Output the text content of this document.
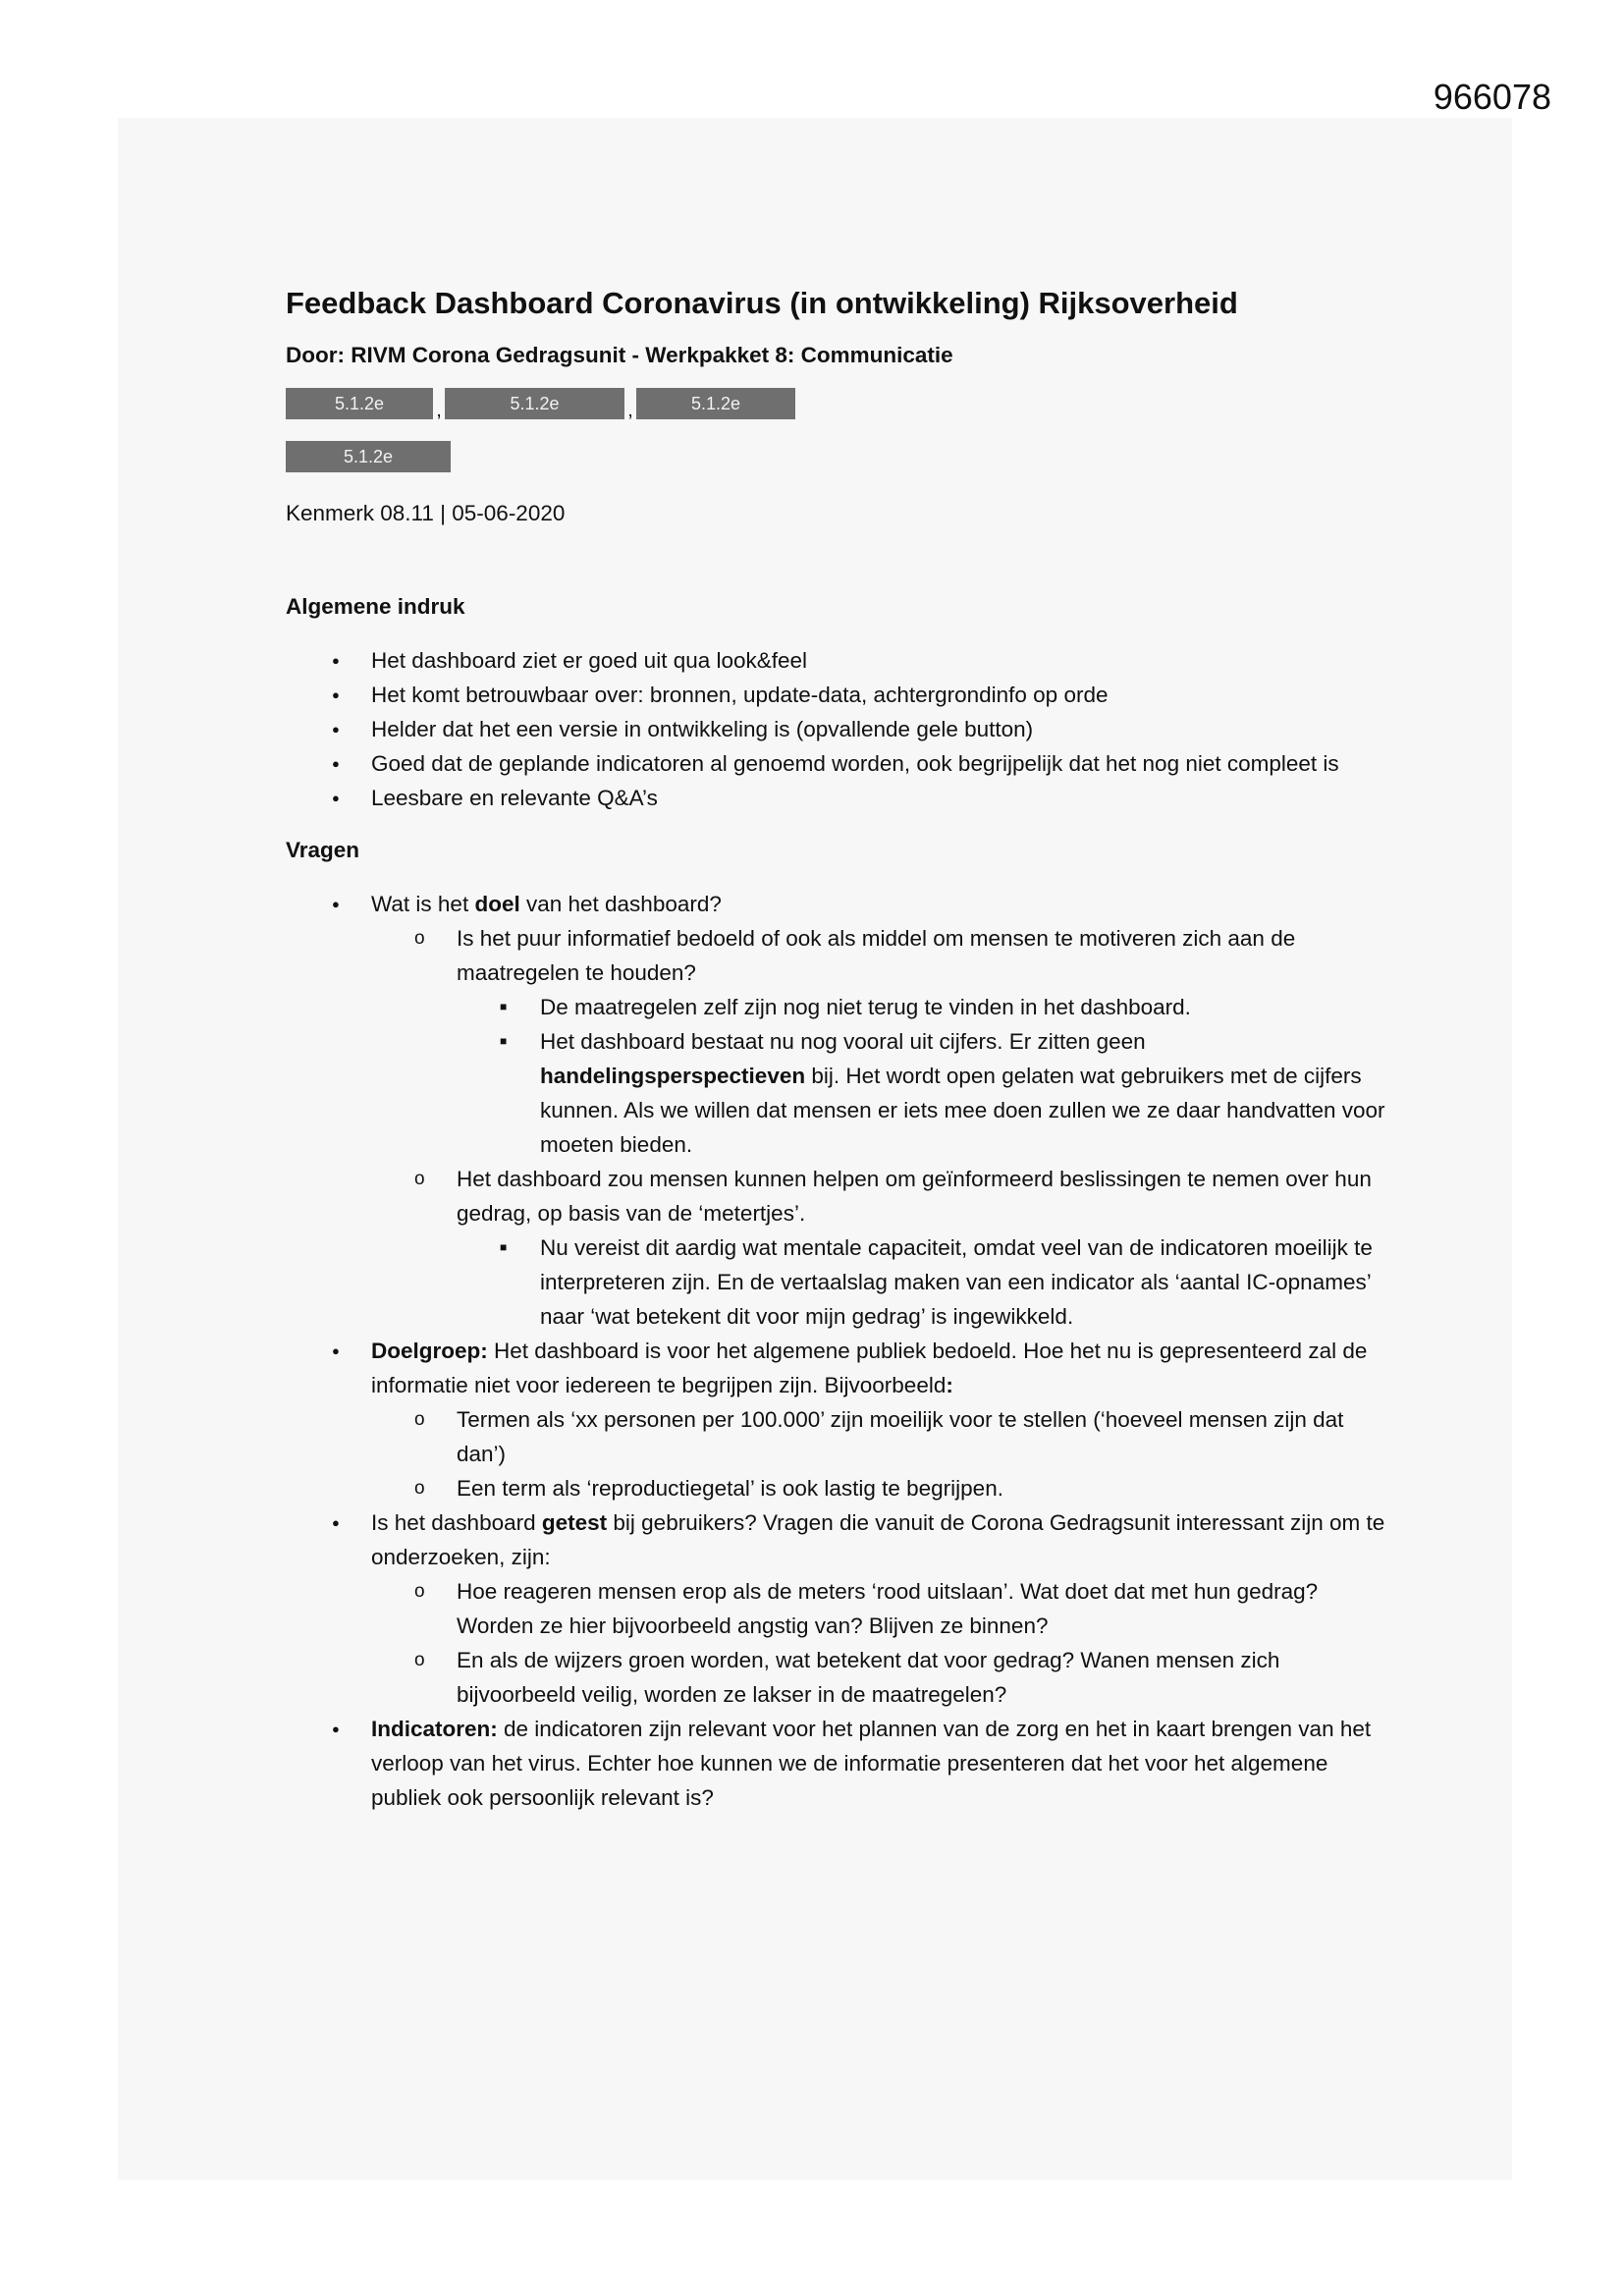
966078
Feedback Dashboard Coronavirus (in ontwikkeling) Rijksoverheid
Door: RIVM Corona Gedragsunit - Werkpakket 8: Communicatie
5.1.2e	,	5.1.2e	,	5.1.2e
5.1.2e
Kenmerk 08.11 | 05-06-2020
Algemene indruk
● Het dashboard ziet er goed uit qua look&feel
● Het komt betrouwbaar over: bronnen, update-data, achtergrondinfo op orde
● Helder dat het een versie in ontwikkeling is (opvallende gele button)
● Goed dat de geplande indicatoren al genoemd worden, ook begrijpelijk dat het nog niet compleet is
● Leesbare en relevante Q&A’s
Vragen
● Wat is het doel van het dashboard?
o Is het puur informatief bedoeld of ook als middel om mensen te motiveren zich aan de maatregelen te houden?
■ De maatregelen zelf zijn nog niet terug te vinden in het dashboard.
■ Het dashboard bestaat nu nog vooral uit cijfers. Er zitten geen handelingsperspectieven bij. Het wordt open gelaten wat gebruikers met de cijfers kunnen. Als we willen dat mensen er iets mee doen zullen we ze daar handvatten voor moeten bieden.
o Het dashboard zou mensen kunnen helpen om geïnformeerd beslissingen te nemen over hun gedrag, op basis van de ‘metertjes’.
■ Nu vereist dit aardig wat mentale capaciteit, omdat veel van de indicatoren moeilijk te interpreteren zijn. En de vertaalslag maken van een indicator als ‘aantal IC-opnames’ naar ‘wat betekent dit voor mijn gedrag’ is ingewikkeld.
● Doelgroep: Het dashboard is voor het algemene publiek bedoeld. Hoe het nu is gepresenteerd zal de informatie niet voor iedereen te begrijpen zijn. Bijvoorbeeld:
o Termen als ‘xx personen per 100.000’ zijn moeilijk voor te stellen (‘hoeveel mensen zijn dat dan’)
o Een term als ‘reproductiegetal’ is ook lastig te begrijpen.
● Is het dashboard getest bij gebruikers? Vragen die vanuit de Corona Gedragsunit interessant zijn om te onderzoeken, zijn:
o Hoe reageren mensen erop als de meters ‘rood uitslaan’. Wat doet dat met hun gedrag? Worden ze hier bijvoorbeeld angstig van? Blijven ze binnen?
o En als de wijzers groen worden, wat betekent dat voor gedrag? Wanen mensen zich bijvoorbeeld veilig, worden ze lakser in de maatregelen?
● Indicatoren: de indicatoren zijn relevant voor het plannen van de zorg en het in kaart brengen van het verloop van het virus. Echter hoe kunnen we de informatie presenteren dat het voor het algemene publiek ook persoonlijk relevant is?
